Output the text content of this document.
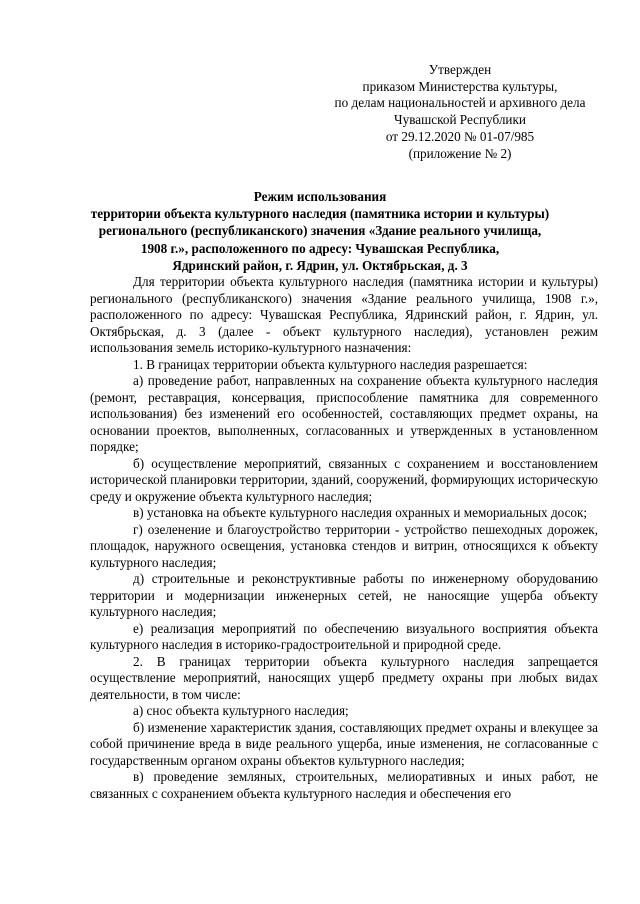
Утвержден
приказом Министерства культуры,
по делам национальностей и архивного дела
Чувашской Республики
от 29.12.2020 № 01-07/985
(приложение № 2)
Режим использования
территории объекта культурного наследия (памятника истории и культуры)
регионального (республиканского) значения «Здание реального училища,
1908 г.», расположенного по адресу: Чувашская Республика,
Ядринский район, г. Ядрин, ул. Октябрьская, д. 3

Для территории объекта культурного наследия (памятника истории и культуры) регионального (республиканского) значения «Здание реального училища, 1908 г.», расположенного по адресу: Чувашская Республика, Ядринский район, г. Ядрин, ул. Октябрьская, д. 3 (далее - объект культурного наследия), установлен режим использования земель историко-культурного назначения:

1. В границах территории объекта культурного наследия разрешается:

а) проведение работ, направленных на сохранение объекта культурного наследия (ремонт, реставрация, консервация, приспособление памятника для современного использования) без изменений его особенностей, составляющих предмет охраны, на основании проектов, выполненных, согласованных и утвержденных в установленном порядке;

б) осуществление мероприятий, связанных с сохранением и восстановлением исторической планировки территории, зданий, сооружений, формирующих историческую среду и окружение объекта культурного наследия;

в) установка на объекте культурного наследия охранных и мемориальных досок;

г) озеленение и благоустройство территории - устройство пешеходных дорожек, площадок, наружного освещения, установка стендов и витрин, относящихся к объекту культурного наследия;

д) строительные и реконструктивные работы по инженерному оборудованию территории и модернизации инженерных сетей, не наносящие ущерба объекту культурного наследия;

е) реализация мероприятий по обеспечению визуального восприятия объекта культурного наследия в историко-градостроительной и природной среде.

2. В границах территории объекта культурного наследия запрещается осуществление мероприятий, наносящих ущерб предмету охраны при любых видах деятельности, в том числе:

а) снос объекта культурного наследия;

б) изменение характеристик здания, составляющих предмет охраны и влекущее за собой причинение вреда в виде реального ущерба, иные изменения, не согласованные с государственным органом охраны объектов культурного наследия;

в) проведение земляных, строительных, мелиоративных и иных работ, не связанных с сохранением объекта культурного наследия и обеспечения его
